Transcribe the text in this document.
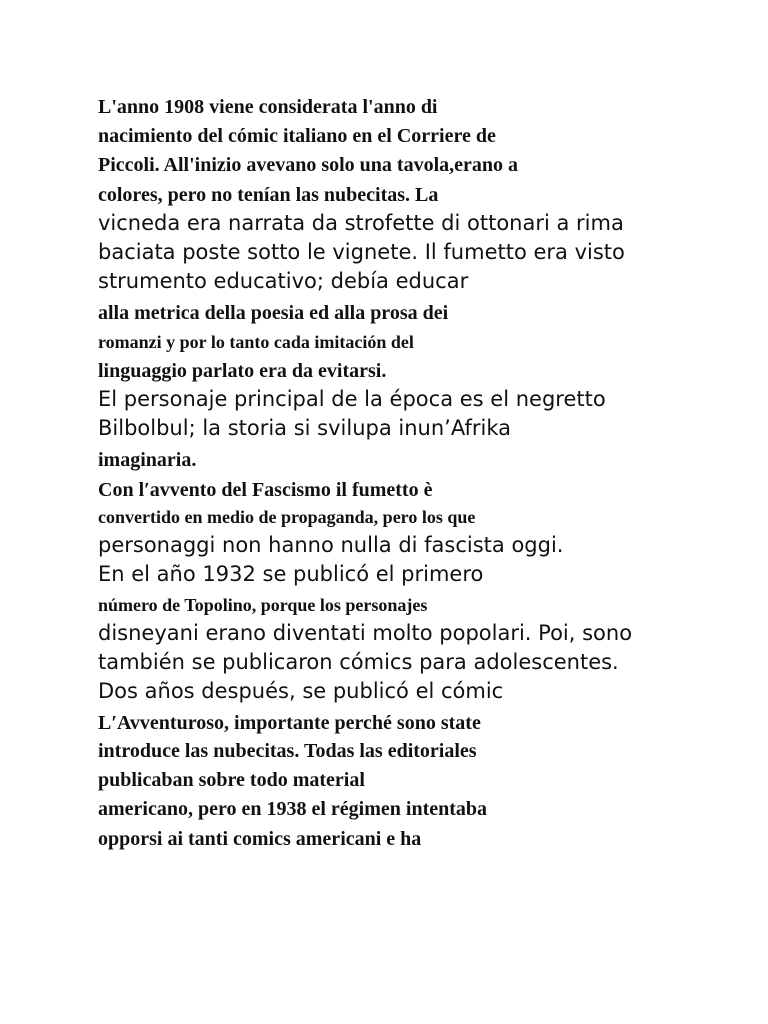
L'anno 1908 viene considerata l'anno di

nacimiento del cómic italiano en el Corriere de

Piccoli. All'inizio avevano solo una tavola,erano a

colores, pero no tenían las nubecitas. La

vicneda era narrata da strofette di ottonari a rima

baciata poste sotto le vignete. Il fumetto era visto

strumento educativo; debía educar

alla metrica della poesia ed alla prosa dei

romanzi y por lo tanto cada imitación del

linguaggio parlato era da evitarsi.

El personaje principal de la época es el negretto

Bilbolbul; la storia si svilupa inun’Afrika

imaginaria.

Con l′avvento del Fascismo il fumetto è

convertido en medio de propaganda, pero los que

personaggi non hanno nulla di fascista oggi.

En el año 1932 se publicó el primero

número de Topolino, porque los personajes

disneyani erano diventati molto popolari. Poi, sono

también se publicaron cómics para adolescentes.

Dos años después, se publicó el cómic

L′Avventuroso, importante perché sono state

introduce las nubecitas. Todas las editoriales

publicaban sobre todo material

americano, pero en 1938 el régimen intentaba

opporsi ai tanti comics americani e ha
